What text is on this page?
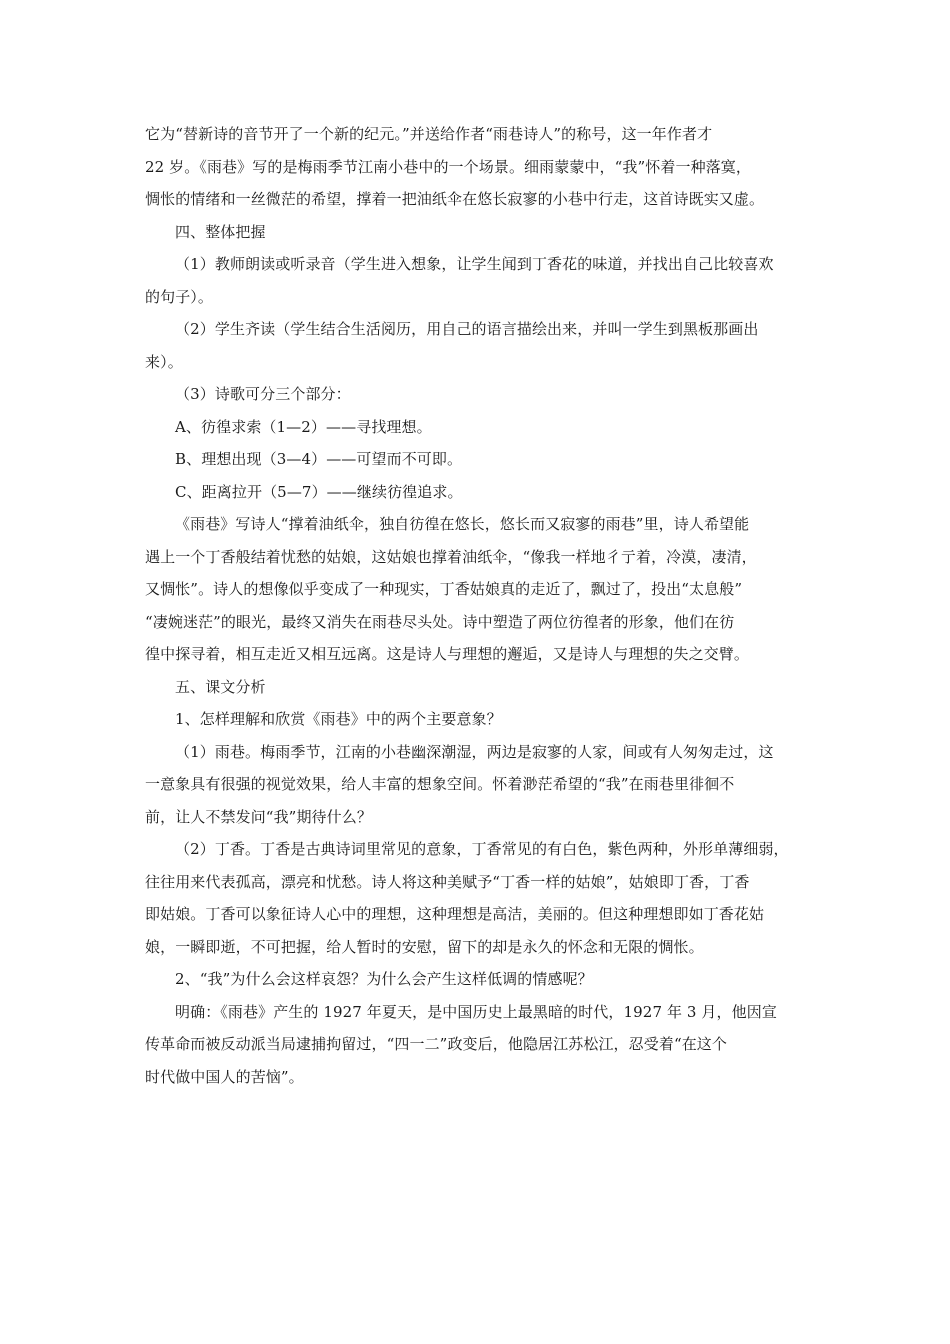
它为“替新诗的音节开了一个新的纪元。”并送给作者“雨巷诗人”的称号，这一年作者才

22 岁。《雨巷》写的是梅雨季节江南小巷中的一个场景。细雨蒙蒙中，“我”怀着一种落寞，

惆怅的情绪和一丝微茫的希望，撑着一把油纸伞在悠长寂寥的小巷中行走，这首诗既实又虚。

四、整体把握

（1）教师朗读或听录音（学生进入想象，让学生闻到丁香花的味道，并找出自己比较喜欢

的句子）。

（2）学生齐读（学生结合生活阅历，用自己的语言描绘出来，并叫一学生到黑板那画出

来）。

（3）诗歌可分三个部分：

A、彷徨求索（1—2）——寻找理想。

B、理想出现（3—4）——可望而不可即。

C、距离拉开（5—7）——继续彷徨追求。

《雨巷》写诗人“撑着油纸伞，独自彷徨在悠长，悠长而又寂寥的雨巷”里，诗人希望能

遇上一个丁香般结着忧愁的姑娘，这姑娘也撑着油纸伞，“像我一样地彳亍着，冷漠，凄清，

又惆怅”。诗人的想像似乎变成了一种现实，丁香姑娘真的走近了，飘过了，投出“太息般”

“凄婉迷茫”的眼光，最终又消失在雨巷尽头处。诗中塑造了两位彷徨者的形象，他们在彷

徨中探寻着，相互走近又相互远离。这是诗人与理想的邂逅，又是诗人与理想的失之交臂。

五、课文分析

1、怎样理解和欣赏《雨巷》中的两个主要意象？

（1）雨巷。梅雨季节，江南的小巷幽深潮湿，两边是寂寥的人家，间或有人匆匆走过，这

一意象具有很强的视觉效果，给人丰富的想象空间。怀着渺茫希望的“我”在雨巷里徘徊不

前，让人不禁发问“我”期待什么？

（2）丁香。丁香是古典诗词里常见的意象，丁香常见的有白色，紫色两种，外形单薄细弱，

往往用来代表孤高，漂亮和忧愁。诗人将这种美赋予“丁香一样的姑娘”，姑娘即丁香，丁香

即姑娘。丁香可以象征诗人心中的理想，这种理想是高洁，美丽的。但这种理想即如丁香花姑

娘，一瞬即逝，不可把握，给人暂时的安慰，留下的却是永久的怀念和无限的惆怅。

2、“我”为什么会这样哀怨？为什么会产生这样低调的情感呢？

明确：《雨巷》产生的 1927 年夏天，是中国历史上最黑暗的时代，1927 年 3 月，他因宣

传革命而被反动派当局逮捕拘留过，“四一二”政变后，他隐居江苏松江，忍受着“在这个

时代做中国人的苦恼”。
